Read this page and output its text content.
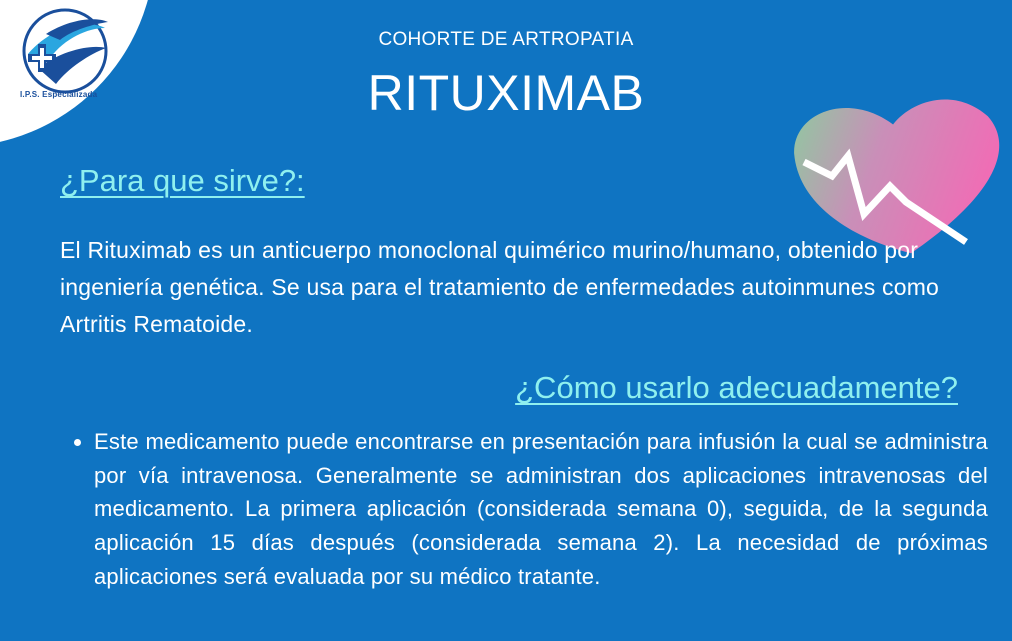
I.P.S. Especializada
COHORTE DE ARTROPATIA
RITUXIMAB
¿Para que sirve?:
El Rituximab es un anticuerpo monoclonal quimérico murino/humano, obtenido por ingeniería genética. Se usa para el tratamiento de enfermedades autoinmunes como Artritis Rematoide.
¿Cómo usarlo adecuadamente?
• Este medicamento puede encontrarse en presentación para infusión la cual se administra por vía intravenosa. Generalmente se administran dos aplicaciones intravenosas del medicamento. La primera aplicación (considerada semana 0), seguida, de la segunda aplicación 15 días después (considerada semana 2). La necesidad de próximas aplicaciones será evaluada por su médico tratante.
